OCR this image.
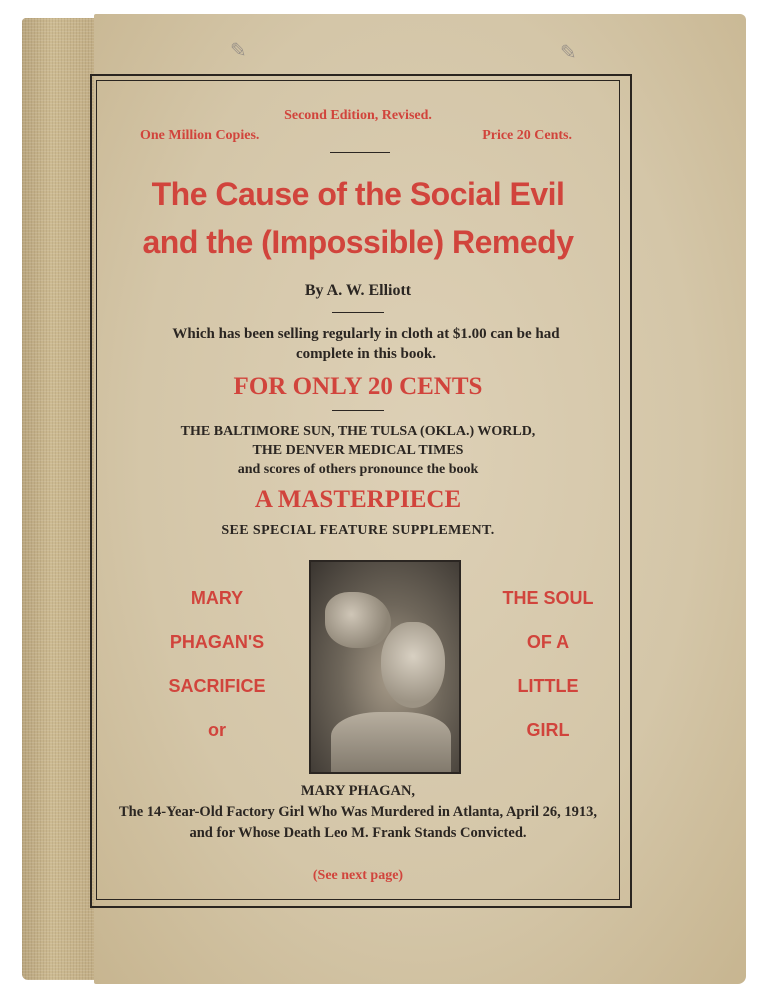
✎	✎
Second Edition, Revised.
One Million Copies.	Price 20 Cents.
The Cause of the Social Evil
and the (Impossible) Remedy
By A. W. Elliott
Which has been selling regularly in cloth at $1.00 can be had complete in this book.
FOR ONLY 20 CENTS
THE BALTIMORE SUN, THE TULSA (OKLA.) WORLD,
THE DENVER MEDICAL TIMES
and scores of others pronounce the book
A MASTERPIECE
SEE SPECIAL FEATURE SUPPLEMENT.
MARY
PHAGAN'S
SACRIFICE
or
THE SOUL
OF A
LITTLE
GIRL
MARY PHAGAN,
The 14-Year-Old Factory Girl Who Was Murdered in Atlanta, April 26, 1913, and for Whose Death Leo M. Frank Stands Convicted.
(See next page)
